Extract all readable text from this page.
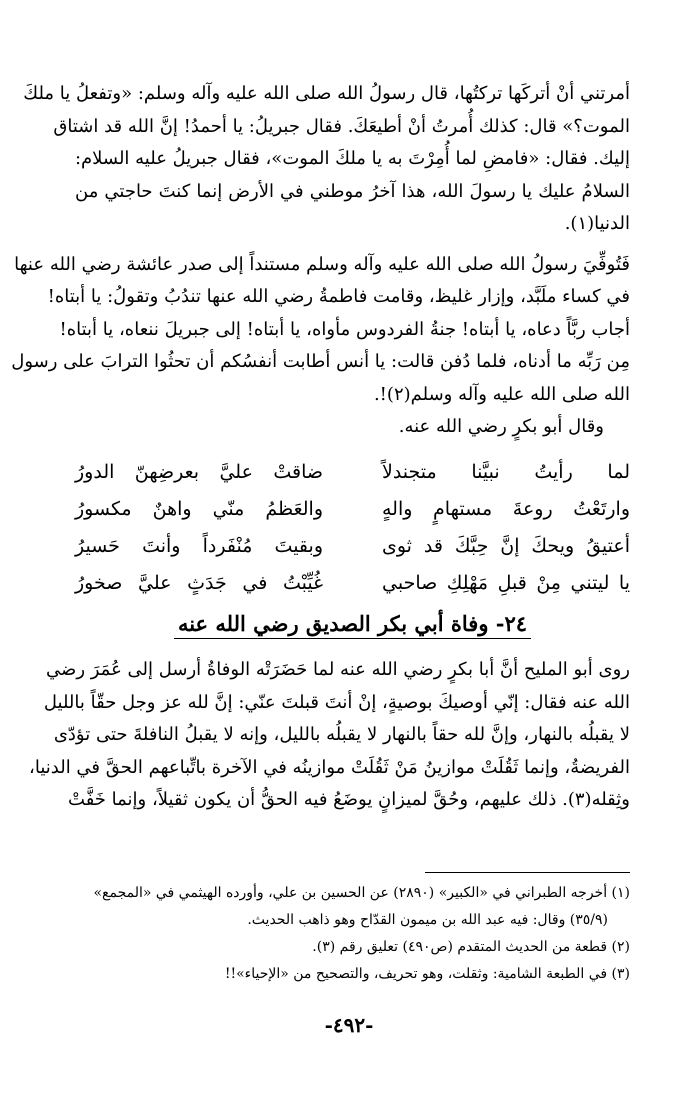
أمرتني أنْ أتركَها تركتُها، قال رسولُ الله صلى الله عليه وآله وسلم: «وتفعلُ يا ملكَ
الموت؟» قال: كذلك أُمرتُ أنْ أطيعَكَ. فقال جبريلُ: يا أحمدُ! إنَّ الله قد اشتاق
إليك. فقال: «فامضِ لما أُمِرْتَ به يا ملكَ الموت»، فقال جبريلُ عليه السلام:
السلامُ عليك يا رسولَ الله، هذا آخرُ موطني في الأرض إنما كنتَ حاجتي من
الدنيا(١).
فَتُوفِّيَ رسولُ الله صلى الله عليه وآله وسلم مستنداً إلى صدر عائشة رضي الله عنها
في كساء ملَبَّد، وإزار غليظ، وقامت فاطمةُ رضي الله عنها تندُبُ وتقولُ: يا أبتاه!
أجاب ربَّاً دعاه، يا أبتاه! جنةُ الفردوس مأواه، يا أبتاه! إلى جبريلَ ننعاه، يا أبتاه!
مِن رَبِّه ما أدناه، فلما دُفن قالت: يا أنس أطابت أنفسُكم أن تحثُوا الترابَ على رسول
الله صلى الله عليه وآله وسلم(٢)!.

وقال أبو بكرٍ رضي الله عنه.

لما رأيتُ نبيَّنا متجندلاً
ضاقتْ عليَّ بعرضِهنّ الدورُ
وارتَعْتُ روعةَ مستهامٍ والهٍ
والعَظمُ منّي واهنٌ مكسورُ
أعتيقُ ويحكَ إنَّ حِبَّكَ قد ثوى
وبقيتَ مُنْفَرداً وأنتَ حَسيرُ
يا ليتني مِنْ قبلِ مَهْلِكِ صاحبي
غُيِّبْتُ في جَدَثٍ عليَّ صخورُ
٢٤- وفاة أبي بكر الصديق رضي الله عنه
روى أبو المليح أنَّ أبا بكرٍ رضي الله عنه لما حَضَرَتْه الوفاةُ أرسل إلى عُمَرَ رضي
الله عنه فقال: إنّي أوصيكَ بوصيةٍ، إنْ أنتَ قبلتَ عنّي: إنَّ لله عز وجل حقّاً بالليل
لا يقبلُه بالنهار، وإنَّ لله حقاً بالنهار لا يقبلُه بالليل، وإنه لا يقبلُ النافلةَ حتى تؤدّى
الفريضةُ، وإنما ثَقُلَتْ موازينُ مَنْ ثَقُلَتْ موازينُه في الآخرة باتِّباعهم الحقَّ في الدنيا،
وثِقله(٣). ذلك عليهم، وحُقَّ لميزانٍ يوضَعُ فيه الحقُّ أن يكون ثقيلاً، وإنما خَفَّتْ
(١) أخرجه الطبراني في «الكبير» (٢٨٩٠) عن الحسين بن علي، وأورده الهيثمي في «المجمع»
(٣٥/٩) وقال: فيه عبد الله بن ميمون القدّاح وهو ذاهب الحديث.
(٢) قطعة من الحديث المتقدم (ص٤٩٠) تعليق رقم (٣).
(٣) في الطبعة الشامية: وثقلت، وهو تحريف، والتصحيح من «الإحياء»!!
-٤٩٢-
